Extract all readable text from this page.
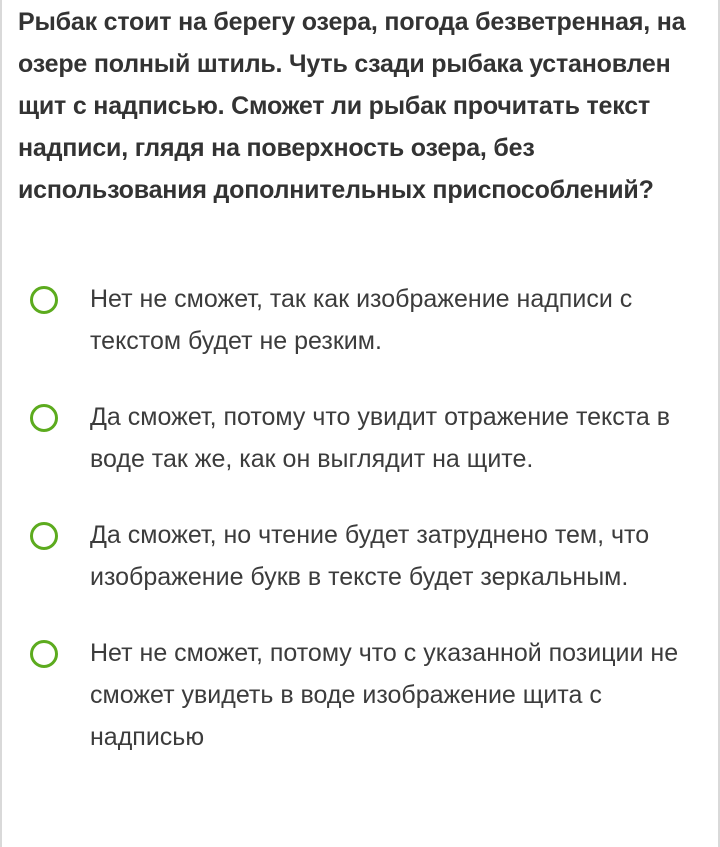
Рыбак стоит на берегу озера, погода безветренная, на озере полный штиль. Чуть сзади рыбака установлен щит с надписью. Сможет ли рыбак прочитать текст надписи, глядя на поверхность озера, без использования дополнительных приспособлений?
Нет не сможет, так как изображение надписи с текстом будет не резким.
Да сможет, потому что увидит отражение текста в воде так же, как он выглядит на щите.
Да сможет, но чтение будет затруднено тем, что изображение букв в тексте будет зеркальным.
Нет не сможет, потому что с указанной позиции не сможет увидеть в воде изображение щита с надписью
